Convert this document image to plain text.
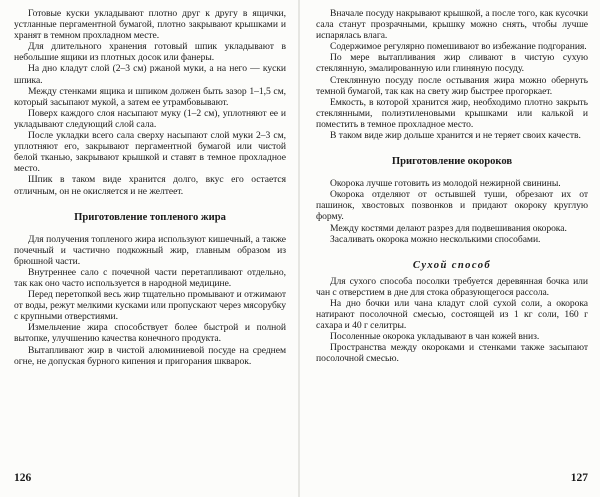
Готовые куски укладывают плотно друг к другу в ящички, устланные пергаментной бумагой, плотно закрывают крышками и хранят в темном прохладном месте.

Для длительного хранения готовый шпик укладывают в небольшие ящики из плотных досок или фанеры.

На дно кладут слой (2–3 см) ржаной муки, а на него — куски шпика.

Между стенками ящика и шпиком должен быть зазор 1–1,5 см, который засыпают мукой, а затем ее утрамбовывают.

Поверх каждого слоя насыпают муку (1–2 см), уплотняют ее и укладывают следующий слой сала.

После укладки всего сала сверху насыпают слой муки 2–3 см, уплотняют его, закрывают пергаментной бумагой или чистой белой тканью, закрывают крышкой и ставят в темное прохладное место.

Шпик в таком виде хранится долго, вкус его остается отличным, он не окисляется и не желтеет.

Приготовление топленого жира

Для получения топленого жира используют кишечный, а также почечный и частично подкожный жир, главным образом из брюшной части.

Внутреннее сало с почечной части перетапливают отдельно, так как оно часто используется в народной медицине.

Перед перетопкой весь жир тщательно промывают и отжимают от воды, режут мелкими кусками или пропускают через мясорубку с крупными отверстиями.

Измельчение жира способствует более быстрой и полной вытопке, улучшению качества конечного продукта.

Вытапливают жир в чистой алюминиевой посуде на среднем огне, не допуская бурного кипения и пригорания шкварок.

126

Вначале посуду накрывают крышкой, а после того, как кусочки сала станут прозрачными, крышку можно снять, чтобы лучше испарялась влага.

Содержимое регулярно помешивают во избежание подгорания.

По мере вытапливания жир сливают в чистую сухую стеклянную, эмалированную или глиняную посуду.

Стеклянную посуду после остывания жира можно обернуть темной бумагой, так как на свету жир быстрее прогоркает.

Емкость, в которой хранится жир, необходимо плотно закрыть стеклянными, полиэтиленовыми крышками или калькой и поместить в темное прохладное место.

В таком виде жир дольше хранится и не теряет своих качеств.

Приготовление окороков

Окорока лучше готовить из молодой нежирной свинины.

Окорока отделяют от остывшей туши, обрезают их от пашинок, хвостовых позвонков и придают окороку круглую форму.

Между костями делают разрез для подвешивания окорока.

Засаливать окорока можно несколькими способами.

Сухой способ

Для сухого способа посолки требуется деревянная бочка или чан с отверстием в дне для стока образующегося рассола.

На дно бочки или чана кладут слой сухой соли, а окорока натирают посолочной смесью, состоящей из 1 кг соли, 160 г сахара и 40 г селитры.

Посоленные окорока укладывают в чан кожей вниз.

Пространства между окороками и стенками также засыпают посолочной смесью.

127
